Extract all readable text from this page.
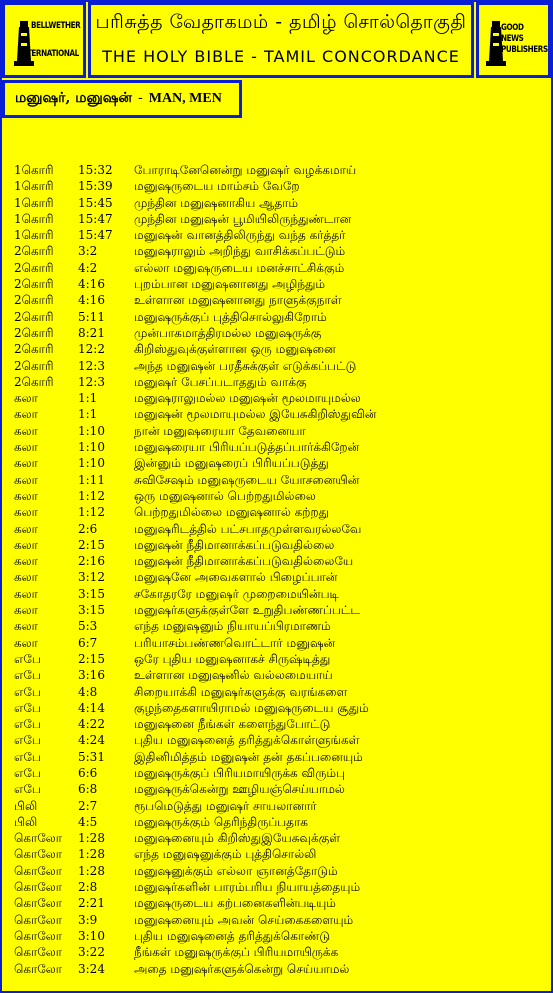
BELLWETHER
INTERNATIONAL
பரிசுத்த வேதாகமம் - தமிழ் சொல்தொகுதி
THE HOLY BIBLE - TAMIL CONCORDANCE
GOOD NEWS
PUBLISHERS
மனுஷர், மனுஷன் - MAN, MEN
1கொரி 15:32 போராடினேனென்று மனுஷர் வழக்கமாய்
1கொரி 15:39 மனுஷருடைய மாம்சம் வேறே
1கொரி 15:45 முந்தின மனுஷனாகிய ஆதாம்
1கொரி 15:47 முந்தின மனுஷன் பூமியிலிருந்துண்டான
1கொரி 15:47 மனுஷன் வானத்திலிருந்து வந்த கர்த்தர்
2கொரி 3:2	மனுஷராலும் அறிந்து வாசிக்கப்பட்டும்
2கொரி 4:2	எல்லா மனுஷருடைய மனச்சாட்சிக்கும்
2கொரி 4:16 புறம்பான மனுஷனானது அழிந்தும்
2கொரி 4:16 உள்ளான மனுஷனானது நாளுக்குநாள்
2கொரி 5:11 மனுஷருக்குப் புத்திசொல்லுகிறோம்
2கொரி 8:21 முன்பாகமாத்திரமல்ல மனுஷருக்கு
2கொரி 12:2 கிறிஸ்துவுக்குள்ளான ஒரு மனுஷனை
2கொரி 12:3 அந்த மனுஷன் பரதீசுக்குள் எடுக்கப்பட்டு
2கொரி 12:3 மனுஷர் பேசப்படாததும் வாக்கு
கலா	1:1	மனுஷராலுமல்ல மனுஷன் மூலமாயுமல்ல
கலா	1:1	மனுஷன் மூலமாயுமல்ல இயேசுகிறிஸ்துவின்
கலா	1:10 நான் மனுஷரையா தேவனையா
கலா	1:10 மனுஷரையா பிரியப்படுத்தப்பார்க்கிறேன்
கலா	1:10 இன்னும் மனுஷரைப் பிரியப்படுத்து
கலா	1:11 சுவிசேஷம் மனுஷருடைய யோசனையின்
கலா	1:12 ஒரு மனுஷனால் பெற்றதுமில்லை
கலா	1:12 பெற்றதுமில்லை மனுஷனால் கற்றது
கலா	2:6	மனுஷரிடத்தில் பட்சபாதமுள்ளவரல்லவே
கலா	2:15 மனுஷன் நீதிமானாக்கப்படுவதில்லை
கலா	2:16 மனுஷன் நீதிமானாக்கப்படுவதில்லையே
கலா	3:12 மனுஷனே அவைகளால் பிழைப்பான்
கலா	3:15 சகோதரரே மனுஷர் முறைமையின்படி
கலா	3:15 மனுஷர்களுக்குள்ளே உறுதிபண்ணப்பட்ட
கலா	5:3	எந்த மனுஷனும் நியாயப்பிரமாணம்
கலா	6:7	பரியாசம்பண்ணவொட்டார் மனுஷன்
எபே	2:15 ஒரே புதிய மனுஷனாகச் சிருஷ்டித்து
எபே	3:16 உள்ளான மனுஷனில் வல்லமையாய்
எபே	4:8	சிறையாக்கி மனுஷர்களுக்கு வரங்களை
எபே	4:14 குழந்தைகளாயிராமல் மனுஷருடைய சூதும்
எபே	4:22 மனுஷனை நீங்கள் களைந்துபோட்டு
எபே	4:24 புதிய மனுஷனைத் தரித்துக்கொள்ளுங்கள்
எபே	5:31 இதினிமித்தம் மனுஷன் தன் தகப்பனையும்
எபே	6:6	மனுஷருக்குப் பிரியமாயிருக்க விரும்பு
எபே	6:8	மனுஷருக்கென்று ஊழியஞ்செய்யாமல்
பிலி	2:7	ரூபமெடுத்து மனுஷர் சாயலானார்
பிலி	4:5	மனுஷருக்கும் தெரிந்திருப்பதாக
கொலோ 1:28 மனுஷனையும் கிறிஸ்துஇயேசுவுக்குள்
கொலோ 1:28 எந்த மனுஷனுக்கும் புத்திசொல்லி
கொலோ 1:28 மனுஷனுக்கும் எல்லா ஞானத்தோடும்
கொலோ 2:8	மனுஷர்களின் பாரம்பரிய நியாயத்தையும்
கொலோ 2:21 மனுஷருடைய கற்பனைகளின்படியும்
கொலோ 3:9	மனுஷனையும் அவன் செய்கைகளையும்
கொலோ 3:10 புதிய மனுஷனைத் தரித்துக்கொண்டு
கொலோ 3:22 நீங்கள் மனுஷருக்குப் பிரியமாயிருக்க
கொலோ 3:24 அதை மனுஷர்களுக்கென்று செய்யாமல்
